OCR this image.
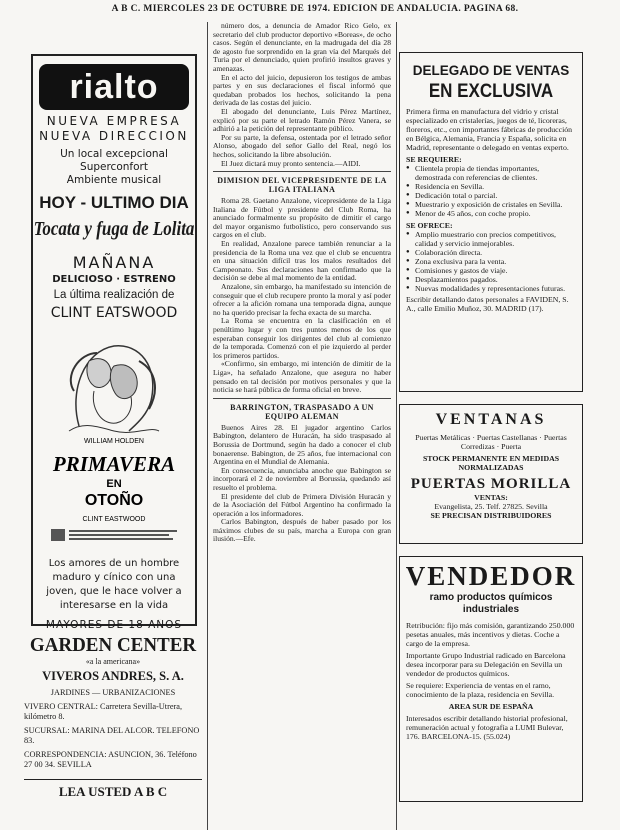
A B C. MIERCOLES 23 DE OCTUBRE DE 1974. EDICION DE ANDALUCIA. PAGINA 68.
rialto
NUEVA EMPRESA
NUEVA DIRECCION
Un local excepcional
Superconfort
Ambiente musical
HOY - ULTIMO DIA
Tocata y fuga de Lolita
MAÑANA
DELICIOSO · ESTRENO
La última realización de
CLINT EATSWOOD
WILLIAM HOLDEN
PRIMAVERA
EN
OTOÑO
CLINT EASTWOOD
Los amores de un hombre
maduro y cínico con una
joven, que le hace volver a
interesarse en la vida
MAYORES DE 18 AÑOS
GARDEN CENTER
«a la americana»
VIVEROS ANDRES, S. A.
JARDINES — URBANIZACIONES
VIVERO CENTRAL: Carretera Sevilla-Utrera, kilómetro 8.
SUCURSAL: MARINA DEL ALCOR. TELEFONO 83.
CORRESPONDENCIA: ASUNCION, 36. Teléfono 27 00 34. SEVILLA
LEA USTED A B C
número dos, a denuncia de Amador Rico Gelo, ex secretario del club productor deportivo «Boreas», de ocho casos. Según el denunciante, en la madrugada del día 28 de agosto fue sorprendido en la gran vía del Marqués del Turia por el denunciado, quien profirió insultos graves y amenazas.
En el acto del juicio, depusieron los testigos de ambas partes y en sus declaraciones el fiscal informó que quedaban probados los hechos, solicitando la pena derivada de las costas del juicio.
El abogado del denunciante, Luis Pérez Martínez, explicó por su parte el letrado Ramón Pérez Vanera, se adhirió a la petición del representante público.
Por su parte, la defensa, ostentada por el letrado señor Alonso, abogado del señor Gallo del Real, negó los hechos, solicitando la libre absolución.
El Juez dictará muy pronto sentencia.—AIDI.
DIMISION DEL VICEPRESIDENTE DE LA LIGA ITALIANA
Roma 28. Gaetano Anzalone, vicepresidente de la Liga Italiana de Fútbol y presidente del Club Roma, ha anunciado formalmente su propósito de dimitir el cargo del mayor organismo futbolístico, pero conservando sus cargos en el club.
En realidad, Anzalone parece también renunciar a la presidencia de la Roma una vez que el club se encuentra en una situación difícil tras los malos resultados del Campeonato. Sus declaraciones han confirmado que la decisión se debe al mal momento de la entidad.
Anzalone, sin embargo, ha manifestado su intención de conseguir que el club recupere pronto la moral y así poder ofrecer a la afición romana una temporada digna, aunque no ha querido precisar la fecha exacta de su marcha.
La Roma se encuentra en la clasificación en el penúltimo lugar y con tres puntos menos de los que esperaban conseguir los dirigentes del club al comienzo de la temporada. Comenzó con el pie izquierdo al perder los primeros partidos.
«Confirmo, sin embargo, mi intención de dimitir de la Liga», ha señalado Anzalone, que asegura no haber pensado en tal decisión por motivos personales y que la noticia se hará pública de forma oficial en breve.
BARRINGTON, TRASPASADO A UN EQUIPO ALEMAN
Buenos Aires 28. El jugador argentino Carlos Babington, delantero de Huracán, ha sido traspasado al Borussia de Dortmund, según ha dado a conocer el club bonaerense. Babington, de 25 años, fue internacional con Argentina en el Mundial de Alemania.
En consecuencia, anunciaba anoche que Babington se incorporará el 2 de noviembre al Borussia, quedando así resuelto el problema.
El presidente del club de Primera División Huracán y de la Asociación del Fútbol Argentino ha confirmado la operación a los informadores.
Carlos Babington, después de haber pasado por los máximos clubes de su país, marcha a Europa con gran ilusión.—Efe.
DELEGADO DE VENTAS
EN EXCLUSIVA
Primera firma en manufactura del vidrio y cristal especializado en cristalerías, juegos de té, licoreras, floreros, etc., con importantes fábricas de producción en Bélgica, Alemania, Francia y España, solicita en Madrid, representante o delegado en ventas experto.
SE REQUIERE:
● Clientela propia de tiendas importantes, demostrada con referencias de clientes.
● Residencia en Sevilla.
● Dedicación total o parcial.
● Muestrario y exposición de cristales en Sevilla.
● Menor de 45 años, con coche propio.
SE OFRECE:
● Amplio muestrario con precios competitivos, calidad y servicio inmejorables.
● Colaboración directa.
● Zona exclusiva para la venta.
● Comisiones y gastos de viaje.
● Desplazamientos pagados.
● Nuevas modalidades y representaciones futuras.
Escribir detallando datos personales a FAVIDEN, S. A., calle Emilio Muñoz, 30. MADRID (17).
VENTANAS
Puertas Metálicas · Puertas Castellanas · Puertas Corredizas · Puerta
STOCK PERMANENTE EN MEDIDAS NORMALIZADAS
PUERTAS MORILLA
VENTAS:
Evangelista, 25. Telf. 27825. Sevilla
SE PRECISAN DISTRIBUIDORES
VENDEDOR
ramo productos químicos
industriales
Retribución: fijo más comisión, garantizando 250.000 pesetas anuales, más incentivos y dietas. Coche a cargo de la empresa.
Importante Grupo Industrial radicado en Barcelona desea incorporar para su Delegación en Sevilla un vendedor de productos químicos.
Se requiere: Experiencia de ventas en el ramo, conocimiento de la plaza, residencia en Sevilla.
AREA SUR DE ESPAÑA
Interesados escribir detallando historial profesional, remuneración actual y fotografía a LUMI Bulevar, 176. BARCELONA-15. (55.024)
